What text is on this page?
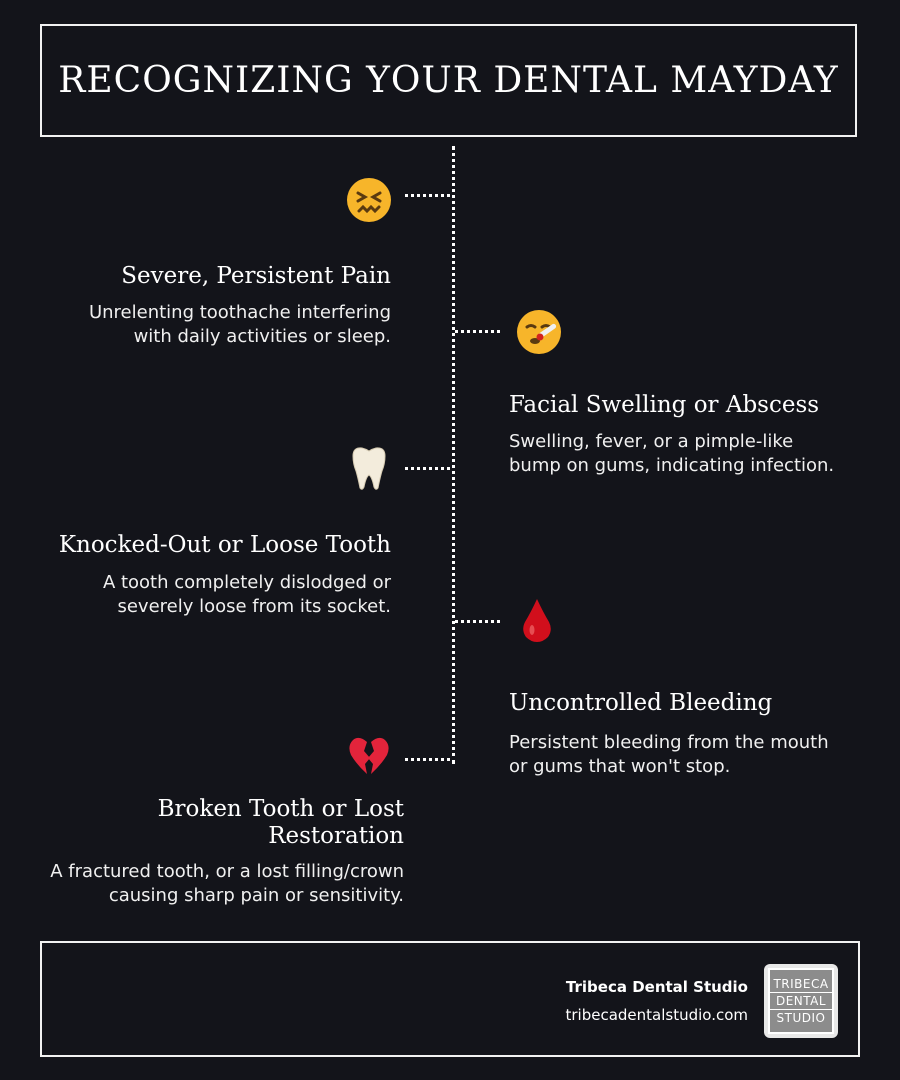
RECOGNIZING YOUR DENTAL MAYDAY

Severe, Persistent Pain

Unrelenting toothache interfering
with daily activities or sleep.

Facial Swelling or Abscess

Swelling, fever, or a pimple-like
bump on gums, indicating infection.

Knocked-Out or Loose Tooth

A tooth completely dislodged or
severely loose from its socket.

Uncontrolled Bleeding

Persistent bleeding from the mouth
or gums that won't stop.

Broken Tooth or Lost
Restoration

A fractured tooth, or a lost filling/crown
causing sharp pain or sensitivity.

Tribeca Dental Studio
tribecadentalstudio.com
TRIBECA
DENTAL
STUDIO
